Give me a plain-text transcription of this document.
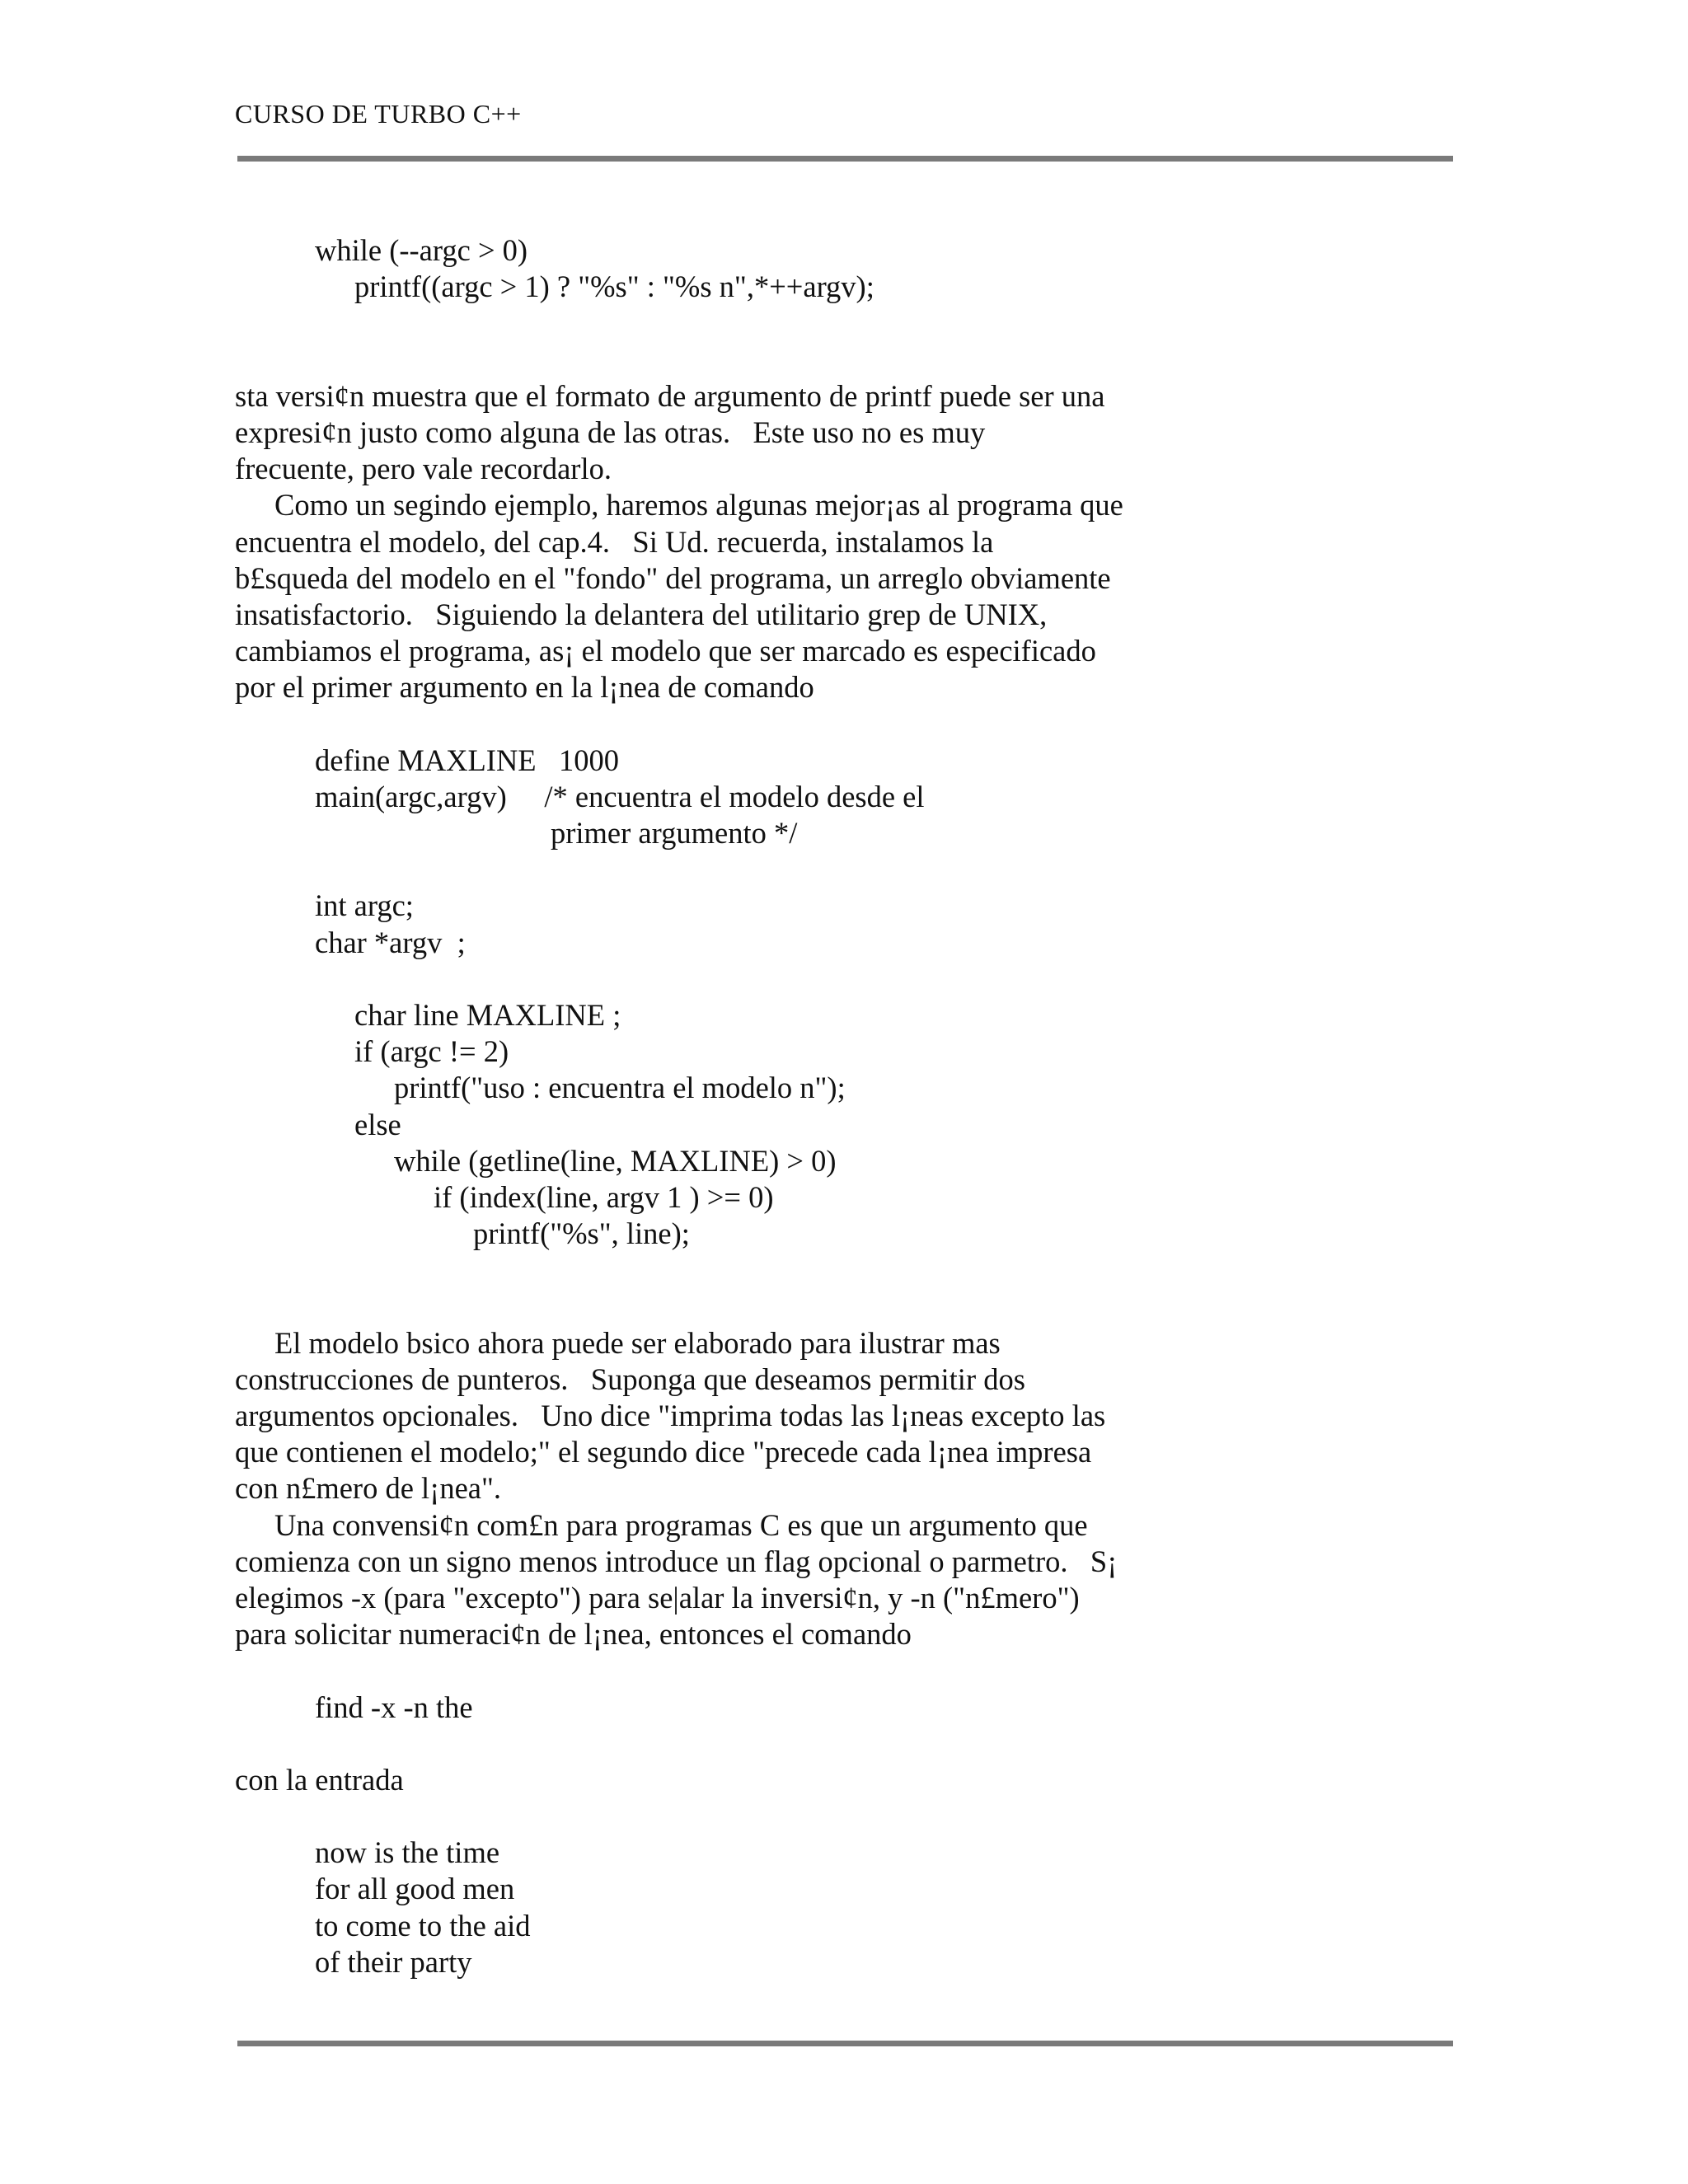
CURSO DE TURBO C++
while (--argc > 0)
printf((argc > 1) ? "%s" : "%s n",*++argv);
sta versi¢n muestra que el formato de argumento de printf puede ser una
expresi¢n justo como alguna de las otras.   Este uso no es muy
frecuente, pero vale recordarlo.
Como un segindo ejemplo, haremos algunas mejor¡as al programa que
encuentra el modelo, del cap.4.   Si Ud. recuerda, instalamos la
b£squeda del modelo en el "fondo" del programa, un arreglo obviamente
insatisfactorio.   Siguiendo la delantera del utilitario grep de UNIX,
cambiamos el programa, as¡ el modelo que ser marcado es especificado
por el primer argumento en la l¡nea de comando
define MAXLINE   1000
main(argc,argv)     /* encuentra el modelo desde el
primer argumento */
int argc;
char *argv  ;
char line MAXLINE ;
if (argc != 2)
printf("uso : encuentra el modelo n");
else
while (getline(line, MAXLINE) > 0)
if (index(line, argv 1 ) >= 0)
printf("%s", line);
El modelo bsico ahora puede ser elaborado para ilustrar mas
construcciones de punteros.   Suponga que deseamos permitir dos
argumentos opcionales.   Uno dice "imprima todas las l¡neas excepto las
que contienen el modelo;" el segundo dice "precede cada l¡nea impresa
con n£mero de l¡nea".
Una convensi¢n com£n para programas C es que un argumento que
comienza con un signo menos introduce un flag opcional o parmetro.   S¡
elegimos -x (para "excepto") para se|alar la inversi¢n, y -n ("n£mero")
para solicitar numeraci¢n de l¡nea, entonces el comando
find -x -n the
con la entrada
now is the time
for all good men
to come to the aid
of their party
